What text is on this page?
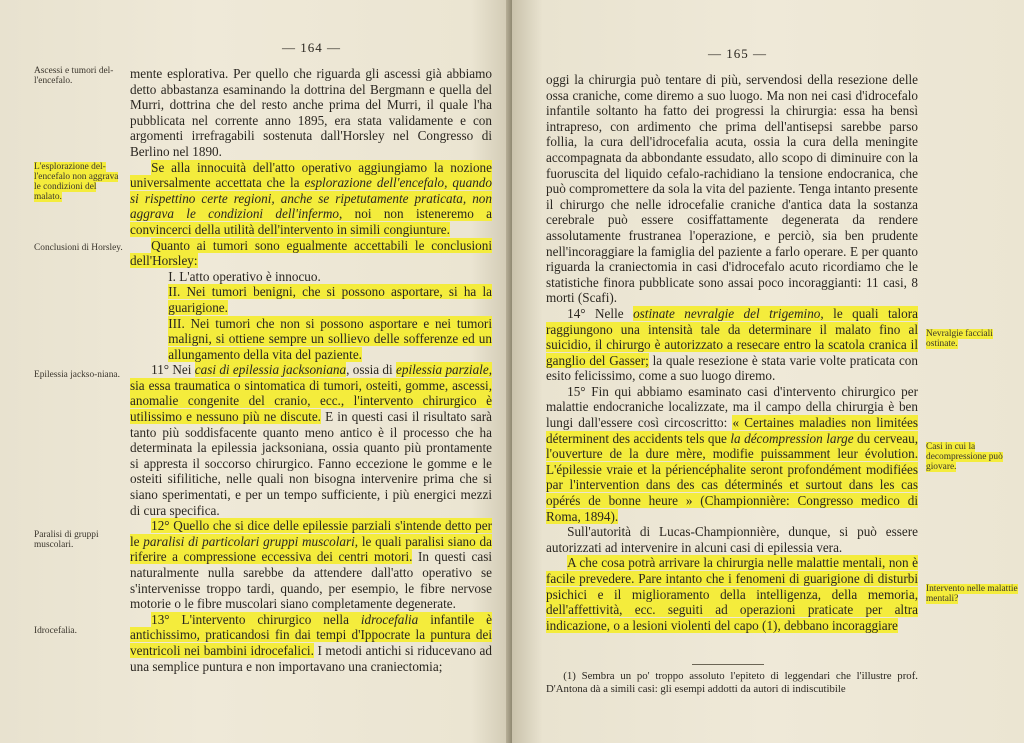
— 164 —
Ascessi e tumori del-l'encefalo.
L'esplorazione del-l'encefalo non aggrava le condizioni del malato.
Conclusioni di Horsley.
Epilessia jackso-niana.
Paralisi di gruppi muscolari.
Idrocefalia.

mente esplorativa. Per quello che riguarda gli ascessi già abbiamo detto abbastanza esaminando la dottrina del Bergmann e quella del Murri, dottrina che del resto anche prima del Murri, il quale l'ha pubblicata nel corrente anno 1895, era stata validamente e con argomenti irrefragabili sostenuta dall'Horsley nel Congresso di Berlino nel 1890.

Se alla innocuità dell'atto operativo aggiungiamo la nozione universalmente accettata che la esplorazione dell'encefalo, quando si rispettino certe regioni, anche se ripetutamente praticata, non aggrava le condizioni dell'infermo, noi non isteneremo a convincerci della utilità dell'intervento in simili congiunture.

Quanto ai tumori sono egualmente accettabili le conclusioni dell'Horsley:

I. L'atto operativo è innocuo.

II. Nei tumori benigni, che si possono asportare, si ha la guarigione.

III. Nei tumori che non si possono asportare e nei tumori maligni, si ottiene sempre un sollievo delle sofferenze ed un allungamento della vita del paziente.

11° Nei casi di epilessia jacksoniana, ossia di epilessia parziale, sia essa traumatica o sintomatica di tumori, osteiti, gomme, ascessi, anomalie congenite del cranio, ecc., l'intervento chirurgico è utilissimo e nessuno più ne discute. E in questi casi il risultato sarà tanto più soddisfacente quanto meno antico è il processo che ha determinata la epilessia jacksoniana, ossia quanto più prontamente si appresta il soccorso chirurgico. Fanno eccezione le gomme e le osteiti sifilitiche, nelle quali non bisogna intervenire prima che si siano sperimentati, e per un tempo sufficiente, i più energici mezzi di cura specifica.

12° Quello che si dice delle epilessie parziali s'intende detto per le paralisi di particolari gruppi muscolari, le quali paralisi siano da riferire a compressione eccessiva dei centri motori. In questi casi naturalmente nulla sarebbe da attendere dall'atto operativo se s'intervenisse troppo tardi, quando, per esempio, le fibre nervose motorie o le fibre muscolari siano completamente degenerate.

13° L'intervento chirurgico nella idrocefalia infantile è antichissimo, praticandosi fin dai tempi d'Ippocrate la puntura dei ventricoli nei bambini idrocefalici. I metodi antichi si riducevano ad una semplice puntura e non importavano una craniectomia;

— 165 —

oggi la chirurgia può tentare di più, servendosi della resezione delle ossa craniche, come diremo a suo luogo. Ma non nei casi d'idrocefalo infantile soltanto ha fatto dei progressi la chirurgia: essa ha bensì intrapreso, con ardimento che prima dell'antisepsi sarebbe parso follia, la cura dell'idrocefalia acuta, ossia la cura della meningite accompagnata da abbondante essudato, allo scopo di diminuire con la fuoruscita del liquido cefalo-rachidiano la tensione endocranica, che può compromettere da sola la vita del paziente. Tenga intanto presente il chirurgo che nelle idrocefalie craniche d'antica data la sostanza cerebrale può essere cosiffattamente degenerata da rendere assolutamente frustranea l'operazione, e perciò, sia ben prudente nell'incoraggiare la famiglia del paziente a farlo operare. E per quanto riguarda la craniectomia in casi d'idrocefalo acuto ricordiamo che le statistiche finora pubblicate sono assai poco incoraggianti: 11 casi, 8 morti (Scafi).

14° Nelle ostinate nevralgie del trigemino, le quali talora raggiungono una intensità tale da determinare il malato fino al suicidio, il chirurgo è autorizzato a resecare entro la scatola cranica il ganglio del Gasser; la quale resezione è stata varie volte praticata con esito felicissimo, come a suo luogo diremo.

15° Fin qui abbiamo esaminato casi d'intervento chirurgico per malattie endocraniche localizzate, ma il campo della chirurgia è ben lungi dall'essere così circoscritto: « Certaines maladies non limitées déterminent des accidents tels que la décompression large du cerveau, l'ouverture de la dure mère, modifie puissamment leur évolution. L'épilessie vraie et la périencéphalite seront profondément modifiées par l'intervention dans des cas déterminés et surtout dans les cas opérés de bonne heure » (Championnière: Congresso medico di Roma, 1894).

Sull'autorità di Lucas-Championnière, dunque, si può essere autorizzati ad intervenire in alcuni casi di epilessia vera.

A che cosa potrà arrivare la chirurgia nelle malattie mentali, non è facile prevedere. Pare intanto che i fenomeni di guarigione di disturbi psichici e il miglioramento della intelligenza, della memoria, dell'affettività, ecc. seguiti ad operazioni praticate per altra indicazione, o a lesioni violenti del capo (1), debbano incoraggiare

Nevralgie facciali ostinate.
Casi in cui la decompressione può giovare.
Intervento nelle malattie mentali?

(1) Sembra un po' troppo assoluto l'epiteto di leggendari che l'illustre prof. D'Antona dà a simili casi: gli esempi addotti da autori di indiscutibile
